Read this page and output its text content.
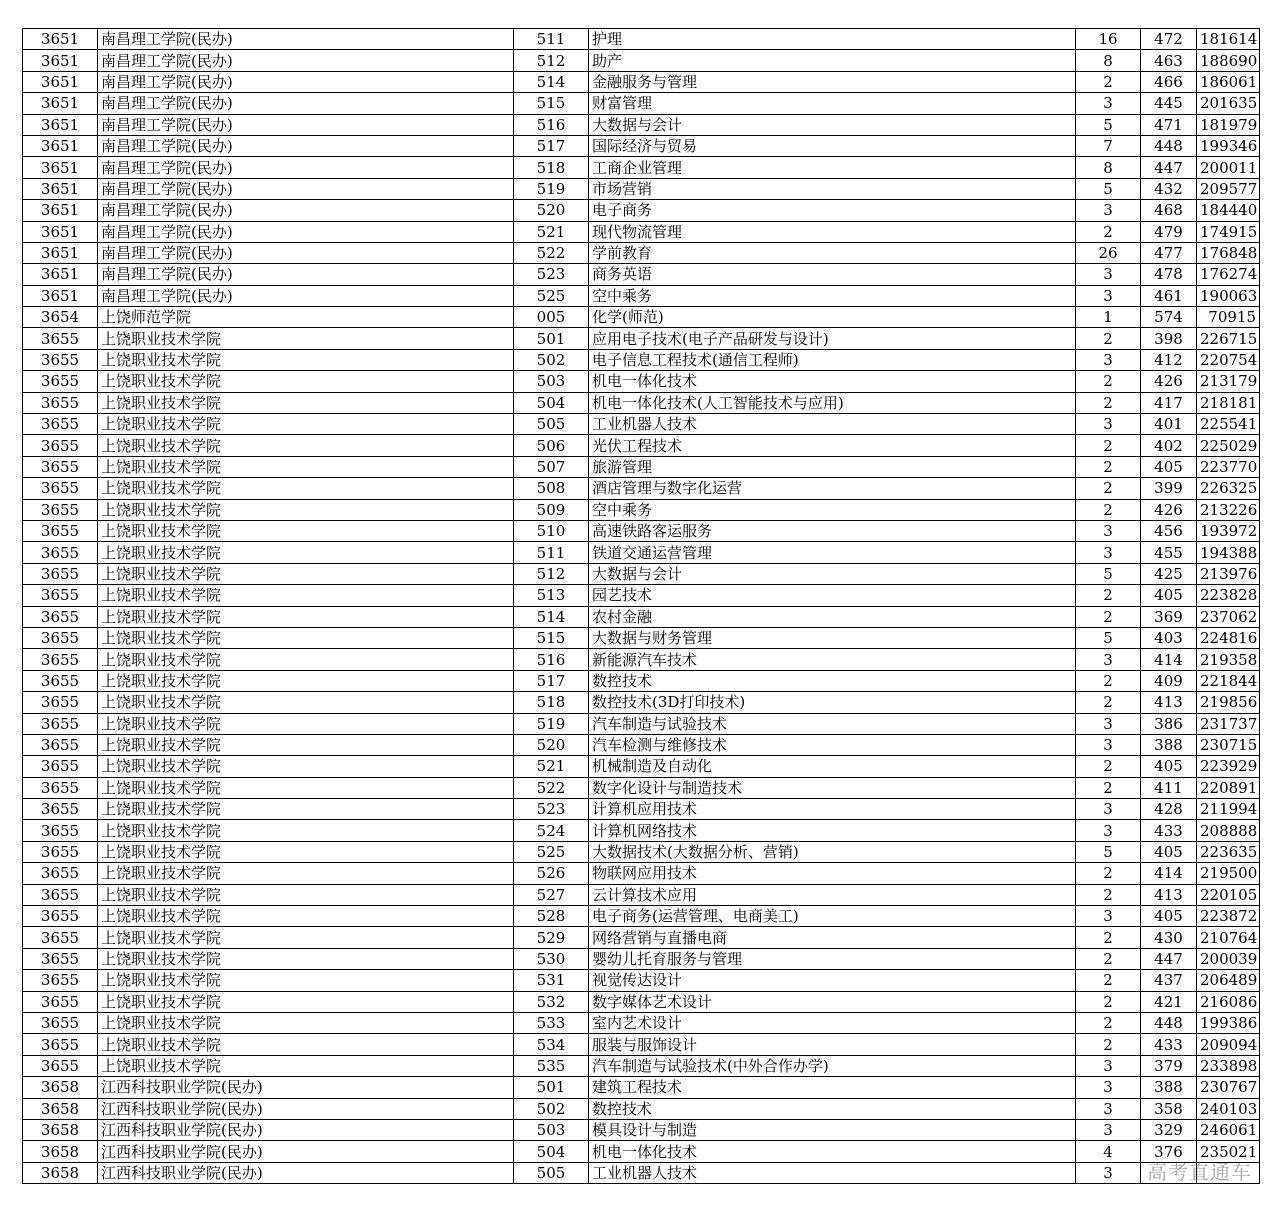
3651	南昌理工学院(民办)	511	护理	16	472	181614
3651	南昌理工学院(民办)	512	助产	8	463	188690
3651	南昌理工学院(民办)	514	金融服务与管理	2	466	186061
3651	南昌理工学院(民办)	515	财富管理	3	445	201635
3651	南昌理工学院(民办)	516	大数据与会计	5	471	181979
3651	南昌理工学院(民办)	517	国际经济与贸易	7	448	199346
3651	南昌理工学院(民办)	518	工商企业管理	8	447	200011
3651	南昌理工学院(民办)	519	市场营销	5	432	209577
3651	南昌理工学院(民办)	520	电子商务	3	468	184440
3651	南昌理工学院(民办)	521	现代物流管理	2	479	174915
3651	南昌理工学院(民办)	522	学前教育	26	477	176848
3651	南昌理工学院(民办)	523	商务英语	3	478	176274
3651	南昌理工学院(民办)	525	空中乘务	3	461	190063
3654	上饶师范学院	005	化学(师范)	1	574	70915
3655	上饶职业技术学院	501	应用电子技术(电子产品研发与设计)	2	398	226715
3655	上饶职业技术学院	502	电子信息工程技术(通信工程师)	3	412	220754
3655	上饶职业技术学院	503	机电一体化技术	2	426	213179
3655	上饶职业技术学院	504	机电一体化技术(人工智能技术与应用)	2	417	218181
3655	上饶职业技术学院	505	工业机器人技术	3	401	225541
3655	上饶职业技术学院	506	光伏工程技术	2	402	225029
3655	上饶职业技术学院	507	旅游管理	2	405	223770
3655	上饶职业技术学院	508	酒店管理与数字化运营	2	399	226325
3655	上饶职业技术学院	509	空中乘务	2	426	213226
3655	上饶职业技术学院	510	高速铁路客运服务	3	456	193972
3655	上饶职业技术学院	511	铁道交通运营管理	3	455	194388
3655	上饶职业技术学院	512	大数据与会计	5	425	213976
3655	上饶职业技术学院	513	园艺技术	2	405	223828
3655	上饶职业技术学院	514	农村金融	2	369	237062
3655	上饶职业技术学院	515	大数据与财务管理	5	403	224816
3655	上饶职业技术学院	516	新能源汽车技术	3	414	219358
3655	上饶职业技术学院	517	数控技术	2	409	221844
3655	上饶职业技术学院	518	数控技术(3D打印技术)	2	413	219856
3655	上饶职业技术学院	519	汽车制造与试验技术	3	386	231737
3655	上饶职业技术学院	520	汽车检测与维修技术	3	388	230715
3655	上饶职业技术学院	521	机械制造及自动化	2	405	223929
3655	上饶职业技术学院	522	数字化设计与制造技术	2	411	220891
3655	上饶职业技术学院	523	计算机应用技术	3	428	211994
3655	上饶职业技术学院	524	计算机网络技术	3	433	208888
3655	上饶职业技术学院	525	大数据技术(大数据分析、营销)	5	405	223635
3655	上饶职业技术学院	526	物联网应用技术	2	414	219500
3655	上饶职业技术学院	527	云计算技术应用	2	413	220105
3655	上饶职业技术学院	528	电子商务(运营管理、电商美工)	3	405	223872
3655	上饶职业技术学院	529	网络营销与直播电商	2	430	210764
3655	上饶职业技术学院	530	婴幼儿托育服务与管理	2	447	200039
3655	上饶职业技术学院	531	视觉传达设计	2	437	206489
3655	上饶职业技术学院	532	数字媒体艺术设计	2	421	216086
3655	上饶职业技术学院	533	室内艺术设计	2	448	199386
3655	上饶职业技术学院	534	服装与服饰设计	2	433	209094
3655	上饶职业技术学院	535	汽车制造与试验技术(中外合作办学)	3	379	233898
3658	江西科技职业学院(民办)	501	建筑工程技术	3	388	230767
3658	江西科技职业学院(民办)	502	数控技术	3	358	240103
3658	江西科技职业学院(民办)	503	模具设计与制造	3	329	246061
3658	江西科技职业学院(民办)	504	机电一体化技术	4	376	235021
3658	江西科技职业学院(民办)	505	工业机器人技术	3		高考直通车
